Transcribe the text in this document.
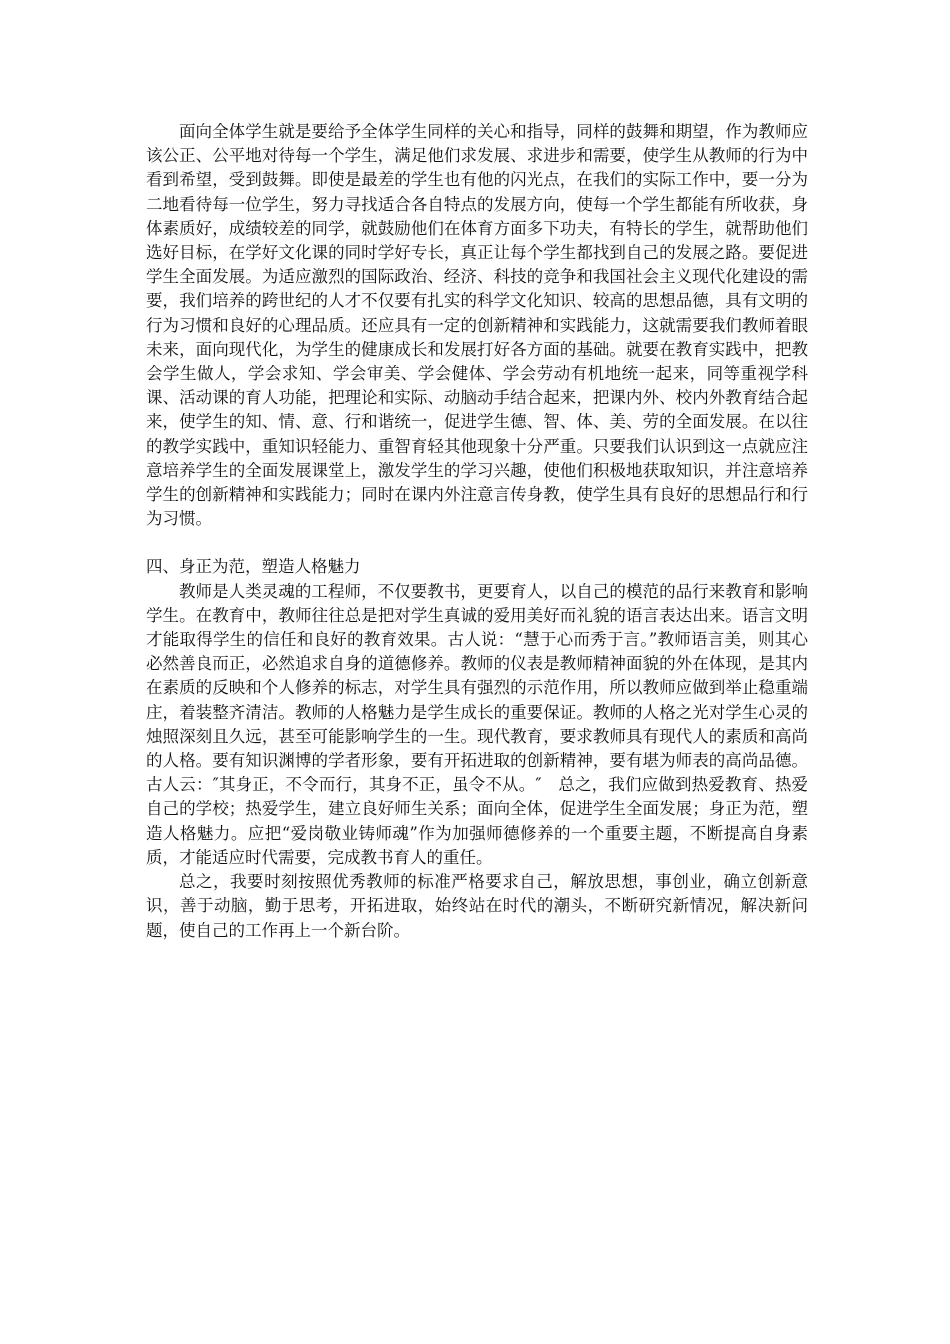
面向全体学生就是要给予全体学生同样的关心和指导，同样的鼓舞和期望，作为教师应该公正、公平地对待每一个学生，满足他们求发展、求进步和需要，使学生从教师的行为中看到希望，受到鼓舞。即使是最差的学生也有他的闪光点，在我们的实际工作中，要一分为二地看待每一位学生，努力寻找适合各自特点的发展方向，使每一个学生都能有所收获，身体素质好，成绩较差的同学，就鼓励他们在体育方面多下功夫，有特长的学生，就帮助他们选好目标，在学好文化课的同时学好专长，真正让每个学生都找到自己的发展之路。要促进学生全面发展。为适应激烈的国际政治、经济、科技的竞争和我国社会主义现代化建设的需要，我们培养的跨世纪的人才不仅要有扎实的科学文化知识、较高的思想品德，具有文明的行为习惯和良好的心理品质。还应具有一定的创新精神和实践能力，这就需要我们教师着眼未来，面向现代化，为学生的健康成长和发展打好各方面的基础。就要在教育实践中，把教会学生做人，学会求知、学会审美、学会健体、学会劳动有机地统一起来，同等重视学科课、活动课的育人功能，把理论和实际、动脑动手结合起来，把课内外、校内外教育结合起来，使学生的知、情、意、行和谐统一，促进学生德、智、体、美、劳的全面发展。在以往的教学实践中，重知识轻能力、重智育轻其他现象十分严重。只要我们认识到这一点就应注意培养学生的全面发展课堂上，激发学生的学习兴趣，使他们积极地获取知识，并注意培养学生的创新精神和实践能力；同时在课内外注意言传身教，使学生具有良好的思想品行和行为习惯。

四、身正为范，塑造人格魅力

教师是人类灵魂的工程师，不仅要教书，更要育人，以自己的模范的品行来教育和影响学生。在教育中，教师往往总是把对学生真诚的爱用美好而礼貌的语言表达出来。语言文明才能取得学生的信任和良好的教育效果。古人说：“慧于心而秀于言。”教师语言美，则其心必然善良而正，必然追求自身的道德修养。教师的仪表是教师精神面貌的外在体现，是其内在素质的反映和个人修养的标志，对学生具有强烈的示范作用，所以教师应做到举止稳重端庄，着装整齐清洁。教师的人格魅力是学生成长的重要保证。教师的人格之光对学生心灵的烛照深刻且久远，甚至可能影响学生的一生。现代教育，要求教师具有现代人的素质和高尚的人格。要有知识渊博的学者形象，要有开拓进取的创新精神，要有堪为师表的高尚品德。古人云：″其身正，不令而行，其身不正，虽令不从。″　总之，我们应做到热爱教育、热爱自己的学校；热爱学生，建立良好师生关系；面向全体，促进学生全面发展；身正为范，塑造人格魅力。应把“爱岗敬业铸师魂”作为加强师德修养的一个重要主题，不断提高自身素质，才能适应时代需要，完成教书育人的重任。

总之，我要时刻按照优秀教师的标准严格要求自己，解放思想，事创业，确立创新意识，善于动脑，勤于思考，开拓进取，始终站在时代的潮头，不断研究新情况，解决新问题，使自己的工作再上一个新台阶。
